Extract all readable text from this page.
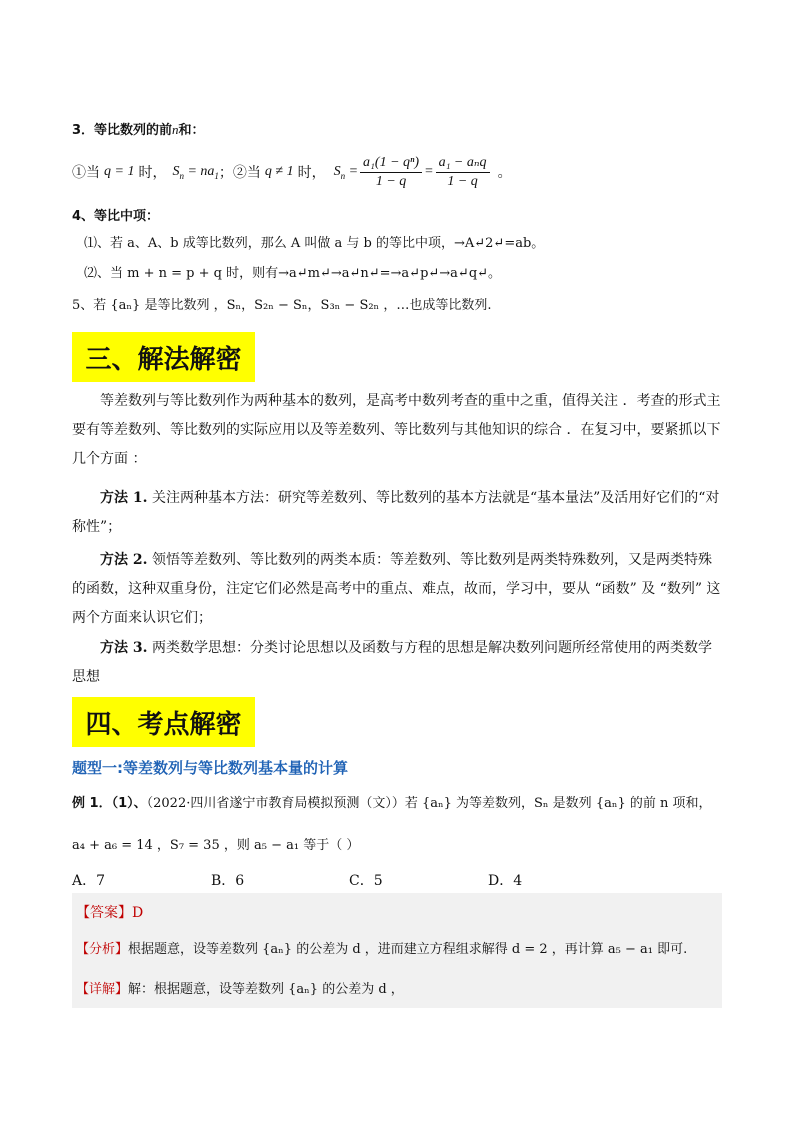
3．等比数列的前n和：
①当 q = 1 时， $S_n = na_1$ ；②当 q ≠ 1 时， $S_n = \frac{\text{a₁(1 − qⁿ)}}{1 - q} = \frac{\text{a₁ − aₙq}}{1 - q}$ 。
4、等比中项：
⑴、若 a、A、b 成等比数列，那么 A 叫做 a 与 b 的等比中项，→A↵2↵=ab。
⑵、当 m + n = p + q 时，则有→a↵m↵→a↵n↵=→a↵p↵→a↵q↵。
5、若 {aₙ} 是等比数列 ，Sₙ，S₂ₙ − Sₙ，S₃ₙ − S₂ₙ ，…也成等比数列.
三、解法解密
等差数列与等比数列作为两种基本的数列，是高考中数列考查的重中之重，值得关注 ．考查的形式主要有等差数列、等比数列的实际应用以及等差数列、等比数列与其他知识的综合 ．在复习中，要紧抓以下几个方面 ：
方法 1. 关注两种基本方法：研究等差数列、等比数列的基本方法就是“基本量法”及活用好它们的“对称性”；
方法 2. 领悟等差数列、等比数列的两类本质：等差数列、等比数列是两类特殊数列，又是两类特殊的函数，这种双重身份，注定它们必然是高考中的重点、难点，故而，学习中，要从 “函数” 及 “数列” 这两个方面来认识它们；
方法 3. 两类数学思想：分类讨论思想以及函数与方程的思想是解决数列问题所经常使用的两类数学思想
四、考点解密
题型一:等差数列与等比数列基本量的计算
例 1．（1）、（2022·四川省遂宁市教育局模拟预测（文））若 {aₙ} 为等差数列，Sₙ 是数列 {aₙ} 的前 n 项和，
a₄ + a₆ = 14 ，S₇ = 35 ，则 a₅ − a₁ 等于（ ）
A．7	B．6	C．5	D．4
【答案】D
【分析】根据题意，设等差数列 {aₙ} 的公差为 d ，进而建立方程组求解得 d = 2 ，再计算 a₅ − a₁ 即可.
【详解】解：根据题意，设等差数列 {aₙ} 的公差为 d ，
